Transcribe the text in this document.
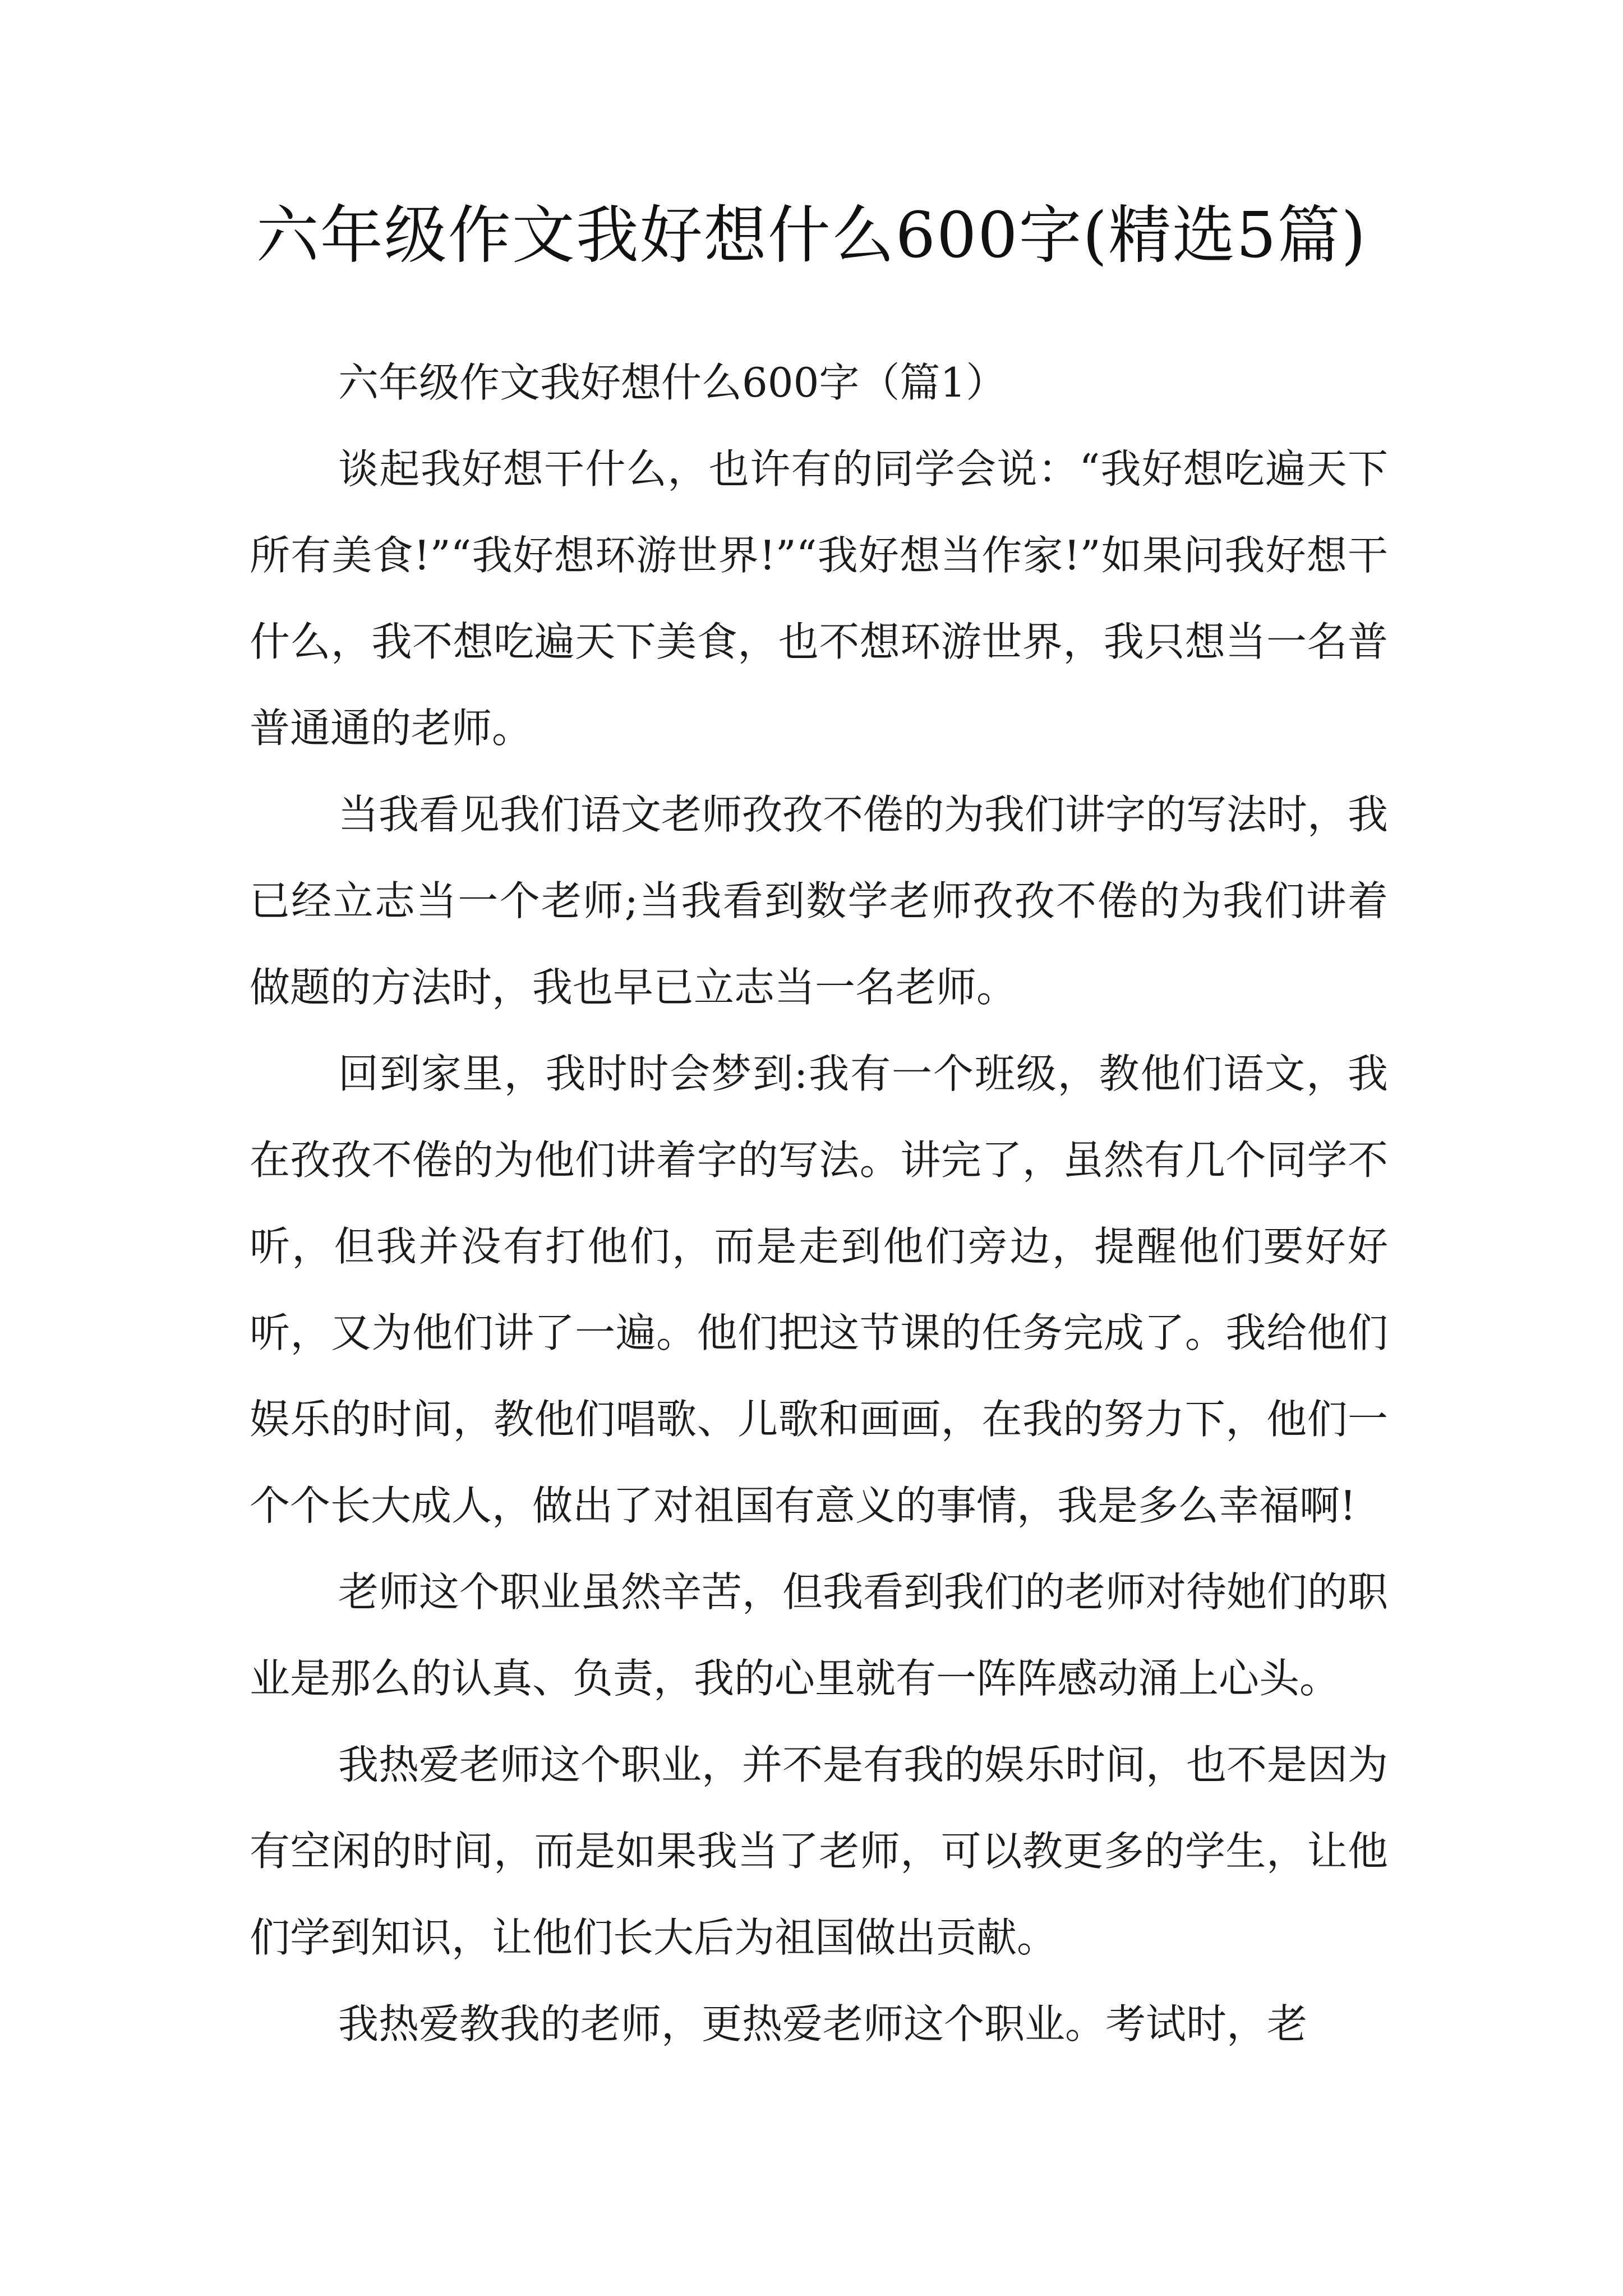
六年级作文我好想什么600字(精选5篇)

六年级作文我好想什么600字（篇1）

谈起我好想干什么，也许有的同学会说：“我好想吃遍天下所有美食!”“我好想环游世界!”“我好想当作家!”如果问我好想干什么，我不想吃遍天下美食，也不想环游世界，我只想当一名普普通通的老师。

当我看见我们语文老师孜孜不倦的为我们讲字的写法时，我已经立志当一个老师;当我看到数学老师孜孜不倦的为我们讲着做题的方法时，我也早已立志当一名老师。

回到家里，我时时会梦到:我有一个班级，教他们语文，我在孜孜不倦的为他们讲着字的写法。讲完了，虽然有几个同学不听，但我并没有打他们，而是走到他们旁边，提醒他们要好好听，又为他们讲了一遍。他们把这节课的任务完成了。我给他们娱乐的时间，教他们唱歌、儿歌和画画，在我的努力下，他们一个个长大成人，做出了对祖国有意义的事情，我是多么幸福啊!

老师这个职业虽然辛苦，但我看到我们的老师对待她们的职业是那么的认真、负责，我的心里就有一阵阵感动涌上心头。

我热爱老师这个职业，并不是有我的娱乐时间，也不是因为有空闲的时间，而是如果我当了老师，可以教更多的学生，让他们学到知识，让他们长大后为祖国做出贡献。

我热爱教我的老师，更热爱老师这个职业。考试时，老
